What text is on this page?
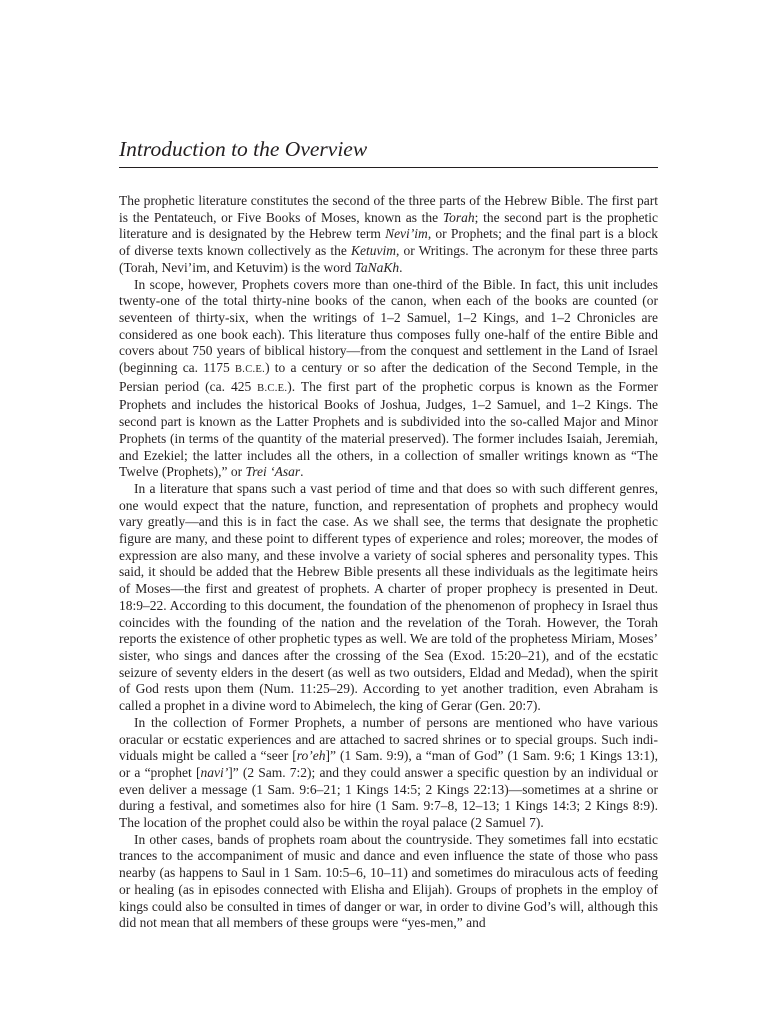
Introduction to the Overview

The prophetic literature constitutes the second of the three parts of the Hebrew Bible. The first part is the Pentateuch, or Five Books of Moses, known as the Torah; the second part is the prophetic literature and is designated by the Hebrew term Nevi’im, or Prophets; and the final part is a block of diverse texts known collectively as the Ketuvim, or Writings. The acronym for these three parts (Torah, Nevi’im, and Ketuvim) is the word TaNaKh.

In scope, however, Prophets covers more than one-third of the Bible. In fact, this unit includes twenty-one of the total thirty-nine books of the canon, when each of the books are counted (or seventeen of thirty-six, when the writings of 1–2 Samuel, 1–2 Kings, and 1–2 Chronicles are considered as one book each). This literature thus composes fully one-half of the entire Bible and covers about 750 years of biblical history—from the conquest and settlement in the Land of Israel (beginning ca. 1175 B.C.E.) to a century or so after the dedication of the Second Temple, in the Persian period (ca. 425 B.C.E.). The first part of the prophetic corpus is known as the Former Prophets and includes the historical Books of Joshua, Judges, 1–2 Samuel, and 1–2 Kings. The second part is known as the Latter Prophets and is subdivided into the so-called Major and Minor Prophets (in terms of the quantity of the material preserved). The former includes Isaiah, Jeremiah, and Ezekiel; the latter includes all the others, in a collection of smaller writings known as “The Twelve (Prophets),” or Trei ‘Asar.

In a literature that spans such a vast period of time and that does so with such different genres, one would expect that the nature, function, and representation of prophets and prophecy would vary greatly—and this is in fact the case. As we shall see, the terms that designate the prophetic figure are many, and these point to different types of experience and roles; moreover, the modes of expression are also many, and these involve a variety of social spheres and personality types. This said, it should be added that the Hebrew Bible presents all these individuals as the legitimate heirs of Moses—the first and greatest of prophets. A charter of proper prophecy is presented in Deut. 18:9–22. According to this document, the foundation of the phenomenon of prophecy in Israel thus coincides with the founding of the nation and the revelation of the Torah. However, the Torah reports the existence of other prophetic types as well. We are told of the prophetess Miriam, Moses’ sister, who sings and dances after the crossing of the Sea (Exod. 15:20–21), and of the ecstatic seizure of seventy elders in the desert (as well as two outsiders, Eldad and Medad), when the spirit of God rests upon them (Num. 11:25–29). According to yet another tradition, even Abraham is called a prophet in a divine word to Abimelech, the king of Gerar (Gen. 20:7).

In the collection of Former Prophets, a number of persons are mentioned who have various oracular or ecstatic experiences and are attached to sacred shrines or to special groups. Such individuals might be called a “seer [ro’eh]” (1 Sam. 9:9), a “man of God” (1 Sam. 9:6; 1 Kings 13:1), or a “prophet [navi’]” (2 Sam. 7:2); and they could answer a specific question by an individual or even deliver a message (1 Sam. 9:6–21; 1 Kings 14:5; 2 Kings 22:13)—sometimes at a shrine or during a festival, and sometimes also for hire (1 Sam. 9:7–8, 12–13; 1 Kings 14:3; 2 Kings 8:9). The location of the prophet could also be within the royal palace (2 Samuel 7).

In other cases, bands of prophets roam about the countryside. They sometimes fall into ecstatic trances to the accompaniment of music and dance and even influence the state of those who pass nearby (as happens to Saul in 1 Sam. 10:5–6, 10–11) and sometimes do miraculous acts of feeding or healing (as in episodes connected with Elisha and Elijah). Groups of prophets in the employ of kings could also be consulted in times of danger or war, in order to divine God’s will, although this did not mean that all members of these groups were “yes-men,” and
